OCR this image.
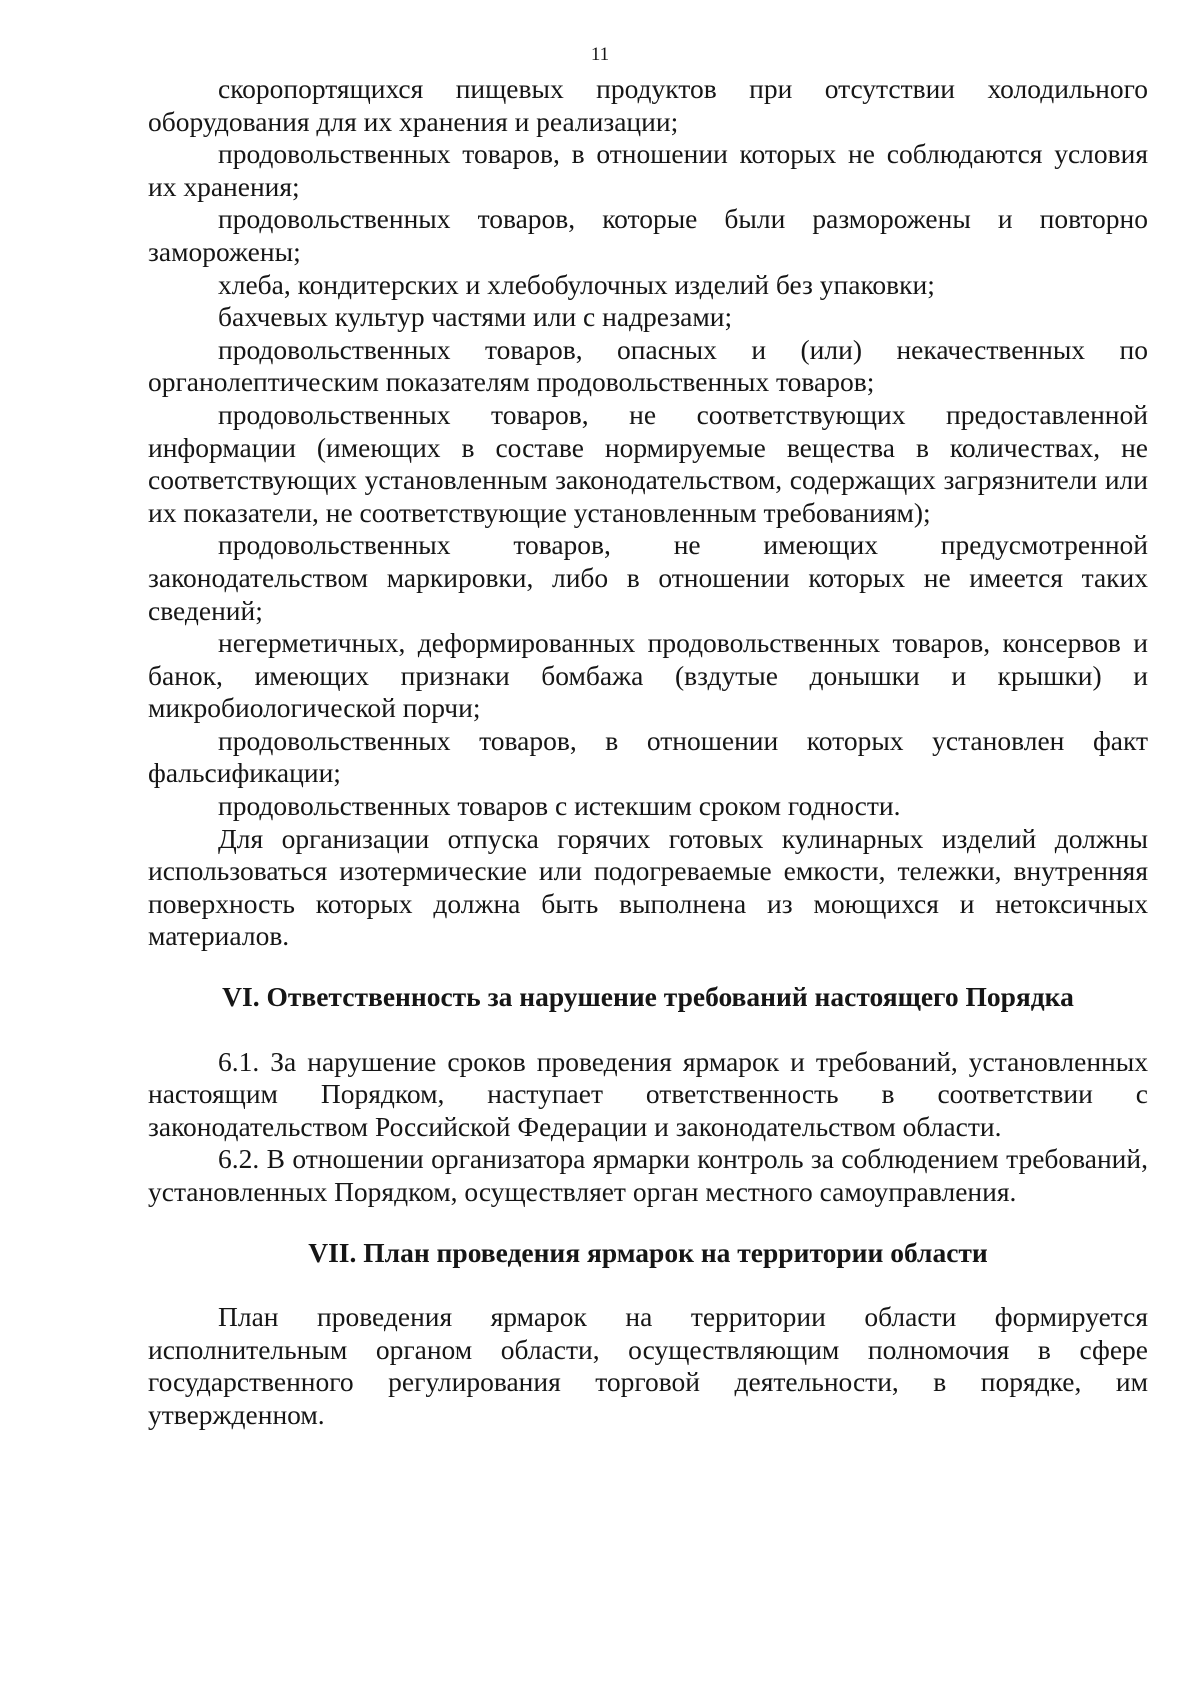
11

скоропортящихся пищевых продуктов при отсутствии холодильного оборудования для их хранения и реализации;

продовольственных товаров, в отношении которых не соблюдаются условия их хранения;

продовольственных товаров, которые были разморожены и повторно заморожены;

хлеба, кондитерских и хлебобулочных изделий без упаковки;

бахчевых культур частями или с надрезами;

продовольственных товаров, опасных и (или) некачественных по органолептическим показателям продовольственных товаров;

продовольственных товаров, не соответствующих предоставленной информации (имеющих в составе нормируемые вещества в количествах, не соответствующих установленным законодательством, содержащих загрязнители или их показатели, не соответствующие установленным требованиям);

продовольственных товаров, не имеющих предусмотренной законодательством маркировки, либо в отношении которых не имеется таких сведений;

негерметичных, деформированных продовольственных товаров, консервов и банок, имеющих признаки бомбажа (вздутые донышки и крышки) и микробиологической порчи;

продовольственных товаров, в отношении которых установлен факт фальсификации;

продовольственных товаров с истекшим сроком годности.

Для организации отпуска горячих готовых кулинарных изделий должны использоваться изотермические или подогреваемые емкости, тележки, внутренняя поверхность которых должна быть выполнена из моющихся и нетоксичных материалов.

VI. Ответственность за нарушение требований настоящего Порядка

6.1. За нарушение сроков проведения ярмарок и требований, установленных настоящим Порядком, наступает ответственность в соответствии с законодательством Российской Федерации и законодательством области.

6.2. В отношении организатора ярмарки контроль за соблюдением требований, установленных Порядком, осуществляет орган местного самоуправления.

VII. План проведения ярмарок на территории области

План проведения ярмарок на территории области формируется исполнительным органом области, осуществляющим полномочия в сфере государственного регулирования торговой деятельности, в порядке, им утвержденном.
